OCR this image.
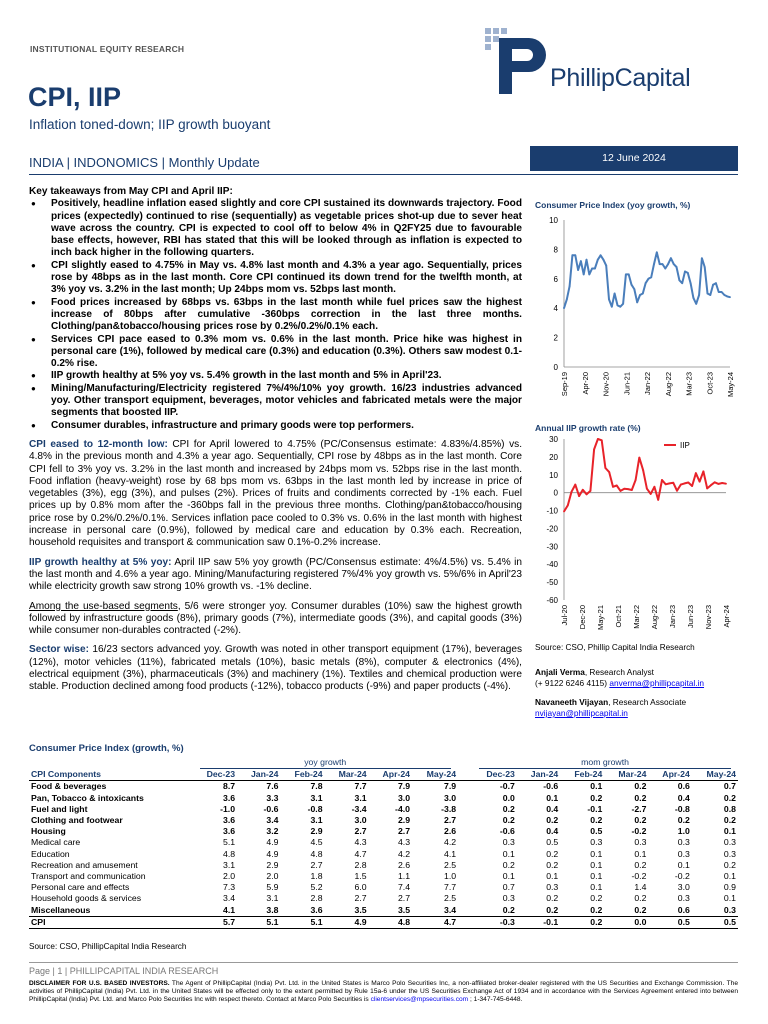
INSTITUTIONAL EQUITY RESEARCH
CPI, IIP
Inflation toned-down; IIP growth buoyant
PhillipCapital
INDIA | INDONOMICS | Monthly Update	12 June 2024
Key takeaways from May CPI and April IIP:
● Positively, headline inflation eased slightly and core CPI sustained its downwards trajectory. Food prices (expectedly) continued to rise (sequentially) as vegetable prices shot-up due to sever heat wave across the country. CPI is expected to cool off to below 4% in Q2FY25 due to favourable base effects, however, RBI has stated that this will be looked through as inflation is expected to inch back higher in the following quarters.
● CPI slightly eased to 4.75% in May vs. 4.8% last month and 4.3% a year ago. Sequentially, prices rose by 48bps as in the last month. Core CPI continued its down trend for the twelfth month, at 3% yoy vs. 3.2% in the last month; Up 24bps mom vs. 52bps last month.
● Food prices increased by 68bps vs. 63bps in the last month while fuel prices saw the highest increase of 80bps after cumulative -360bps correction in the last three months. Clothing/pan&tobacco/housing prices rose by 0.2%/0.2%/0.1% each.
● Services CPI pace eased to 0.3% mom vs. 0.6% in the last month. Price hike was highest in personal care (1%), followed by medical care (0.3%) and education (0.3%). Others saw modest 0.1-0.2% rise.
● IIP growth healthy at 5% yoy vs. 5.4% growth in the last month and 5% in April'23.
● Mining/Manufacturing/Electricity registered 7%/4%/10% yoy growth. 16/23 industries advanced yoy. Other transport equipment, beverages, motor vehicles and fabricated metals were the major segments that boosted IIP.
● Consumer durables, infrastructure and primary goods were top performers.

CPI eased to 12-month low: CPI for April lowered to 4.75% (PC/Consensus estimate: 4.83%/4.85%) vs. 4.8% in the previous month and 4.3% a year ago. Sequentially, CPI rose by 48bps as in the last month. Core CPI fell to 3% yoy vs. 3.2% in the last month and increased by 24bps mom vs. 52bps rise in the last month. Food inflation (heavy-weight) rose by 68 bps mom vs. 63bps in the last month led by increase in price of vegetables (3%), egg (3%), and pulses (2%). Prices of fruits and condiments corrected by -1% each. Fuel prices up by 0.8% mom after the -360bps fall in the previous three months. Clothing/pan&tobacco/housing price rose by 0.2%/0.2%/0.1%. Services inflation pace cooled to 0.3% vs. 0.6% in the last month with highest increase in personal care (0.9%), followed by medical care and education by 0.3% each. Recreation, household requisites and transport & communication saw 0.1%-0.2% increase.

IIP growth healthy at 5% yoy: April IIP saw 5% yoy growth (PC/Consensus estimate: 4%/4.5%) vs. 5.4% in the last month and 4.6% a year ago. Mining/Manufacturing registered 7%/4% yoy growth vs. 5%/6% in April'23 while electricity growth saw strong 10% growth vs. -1% decline.

Among the use-based segments, 5/6 were stronger yoy. Consumer durables (10%) saw the highest growth followed by infrastructure goods (8%), primary goods (7%), intermediate goods (3%), and capital goods (3%) while consumer non-durables contracted (-2%).

Sector wise: 16/23 sectors advanced yoy. Growth was noted in other transport equipment (17%), beverages (12%), motor vehicles (11%), fabricated metals (10%), basic metals (8%), computer & electronics (4%), electrical equipment (3%), pharmaceuticals (3%) and machinery (1%). Textiles and chemical production were stable. Production declined among food products (-12%), tobacco products (-9%) and paper products (-4%).

Consumer Price Index (yoy growth, %)
0
2
4
6
8
10
Sep-19 Apr-20 Nov-20 Jun-21 Jan-22 Aug-22 Mar-23 Oct-23 May-24
Annual IIP growth rate (%)
-60
-50
-40
-30
-20
-10
0
10
20
30
Jul-20 Dec-20 May-21 Oct-21 Mar-22 Aug-22 Jan-23 Jun-23 Nov-23 Apr-24
IIP
Source: CSO, Phillip Capital India Research
Anjali Verma, Research Analyst
(+ 9122 6246 4115) anverma@phillipcapital.in
Navaneeth Vijayan, Research Associate
nvijayan@phillipcapital.in
Consumer Price Index (growth, %)
	yoy growth							mom growth					
CPI Components	Dec-23	Jan-24	Feb-24	Mar-24	Apr-24	May-24		Dec-23	Jan-24	Feb-24	Mar-24	Apr-24	May-24
Food & beverages	8.7	7.6	7.8	7.7	7.9	7.9		-0.7	-0.6	0.1	0.2	0.6	0.7
Pan, Tobacco & intoxicants	3.6	3.3	3.1	3.1	3.0	3.0		0.0	0.1	0.2	0.2	0.4	0.2
Fuel and light	-1.0	-0.6	-0.8	-3.4	-4.0	-3.8		0.2	0.4	-0.1	-2.7	-0.8	0.8
Clothing and footwear	3.6	3.4	3.1	3.0	2.9	2.7		0.2	0.2	0.2	0.2	0.2	0.2
Housing	3.6	3.2	2.9	2.7	2.7	2.6		-0.6	0.4	0.5	-0.2	1.0	0.1
Medical care	5.1	4.9	4.5	4.3	4.3	4.2		0.3	0.5	0.3	0.3	0.3	0.3
Education	4.8	4.9	4.8	4.7	4.2	4.1		0.1	0.2	0.1	0.1	0.3	0.3
Recreation and amusement	3.1	2.9	2.7	2.8	2.6	2.5		0.2	0.2	0.1	0.2	0.1	0.2
Transport and communication	2.0	2.0	1.8	1.5	1.1	1.0		0.1	0.1	0.1	-0.2	-0.2	0.1
Personal care and effects	7.3	5.9	5.2	6.0	7.4	7.7		0.7	0.3	0.1	1.4	3.0	0.9
Household goods & services	3.4	3.1	2.8	2.7	2.7	2.5		0.3	0.2	0.2	0.2	0.3	0.1
Miscellaneous	4.1	3.8	3.6	3.5	3.5	3.4		0.2	0.2	0.2	0.2	0.6	0.3
CPI	5.7	5.1	5.1	4.9	4.8	4.7		-0.3	-0.1	0.2	0.0	0.5	0.5
Source: CSO, PhillipCapital India Research
Page | 1 | PHILLIPCAPITAL INDIA RESEARCH
DISCLAIMER FOR U.S. BASED INVESTORS. The Agent of PhillipCapital (India) Pvt. Ltd. in the United States is Marco Polo Securities Inc, a non-affiliated broker-dealer registered with the US Securities and Exchange Commission. The activities of PhillipCapital (India) Pvt. Ltd. in the United States will be effected only to the extent permitted by Rule 15a-6 under the US Securities Exchange Act of 1934 and in accordance with the Services Agreement entered into between PhillipCapital (India) Pvt. Ltd. and Marco Polo Securities Inc with respect thereto. Contact at Marco Polo Securities is clientservices@mpsecurities.com ; 1-347-745-6448.
